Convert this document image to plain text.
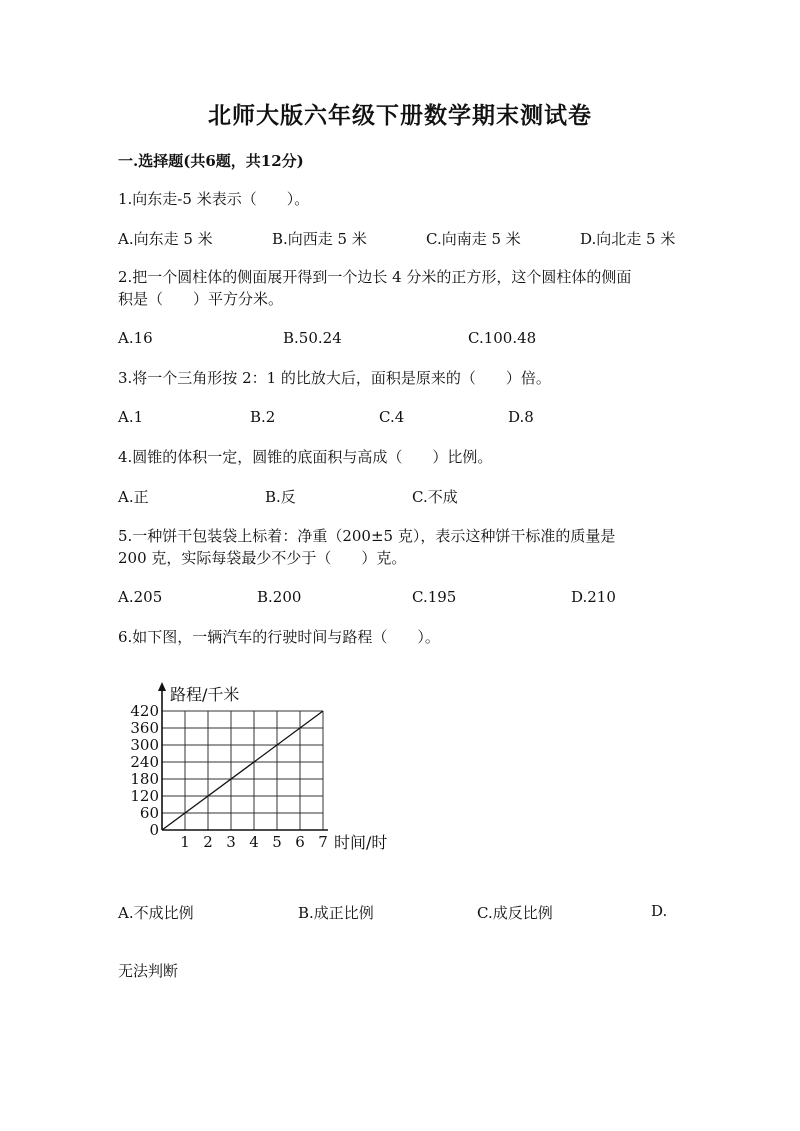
北师大版六年级下册数学期末测试卷
一.选择题(共6题，共12分)
1.向东走-5 米表示（　　）。
A.向东走 5 米	B.向西走 5 米	C.向南走 5 米	D.向北走 5 米
2.把一个圆柱体的侧面展开得到一个边长 4 分米的正方形，这个圆柱体的侧面
积是（　　）平方分米。
A.16	B.50.24	C.100.48
3.将一个三角形按 2：1 的比放大后，面积是原来的（　　）倍。
A.1	B.2	C.4	D.8
4.圆锥的体积一定，圆锥的底面积与高成（　　）比例。
A.正	B.反	C.不成
5.一种饼干包装袋上标着：净重（200±5 克），表示这种饼干标准的质量是
200 克，实际每袋最少不少于（　　）克。
A.205	B.200	C.195	D.210
6.如下图，一辆汽车的行驶时间与路程（　　）。
0
60
120
180
240
300
360
420
1 2 3 4 5 6 7
路程/千米
时间/时
A.不成比例	B.成正比例	C.成反比例	D.
无法判断
